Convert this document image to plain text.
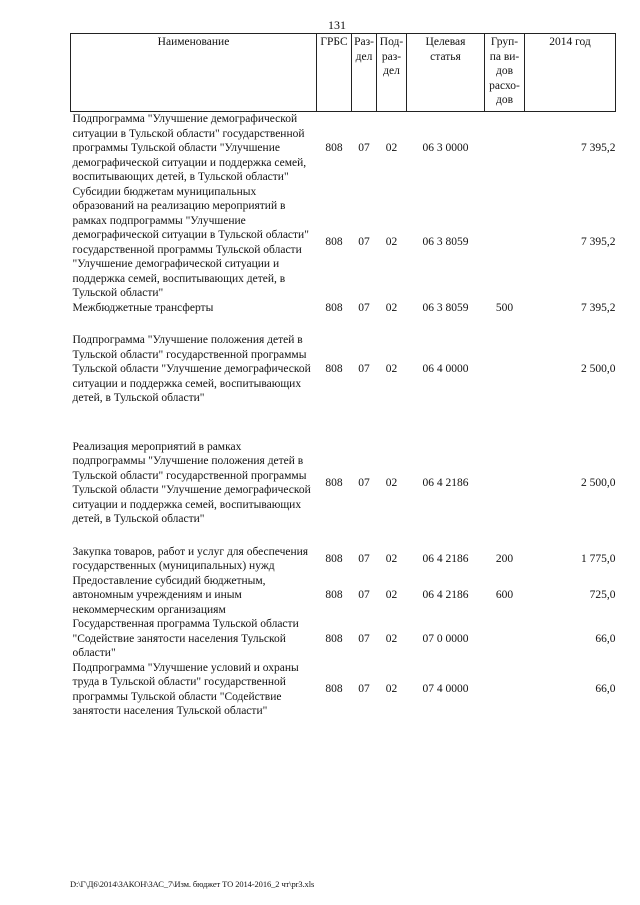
131
Наименование	ГРБС	Раз-дел	Под-раз-дел	Целевая статья	Груп-па ви-дов расхо-дов	2014 год
Подпрограмма "Улучшение демографической ситуации в Тульской области" государственной программы Тульской области "Улучшение демографической ситуации и поддержка семей, воспитывающих детей, в Тульской области"	808	07	02	06 3 0000		7 395,2
Субсидии бюджетам муниципальных образований на реализацию мероприятий в рамках подпрограммы "Улучшение демографической ситуации в Тульской области" государственной программы Тульской области "Улучшение демографической ситуации и поддержка семей, воспитывающих детей, в Тульской области"	808	07	02	06 3 8059		7 395,2
Межбюджетные трансферты	808	07	02	06 3 8059	500	7 395,2

Подпрограмма "Улучшение положения детей в Тульской области" государственной программы Тульской области "Улучшение демографической ситуации и поддержка семей, воспитывающих детей, в Тульской области"	808	07	02	06 4 0000		2 500,0

Реализация мероприятий в рамках подпрограммы "Улучшение положения детей в Тульской области" государственной программы Тульской области "Улучшение демографической ситуации и поддержка семей, воспитывающих детей, в Тульской области"	808	07	02	06 4 2186		2 500,0

Закупка товаров, работ и услуг для обеспечения государственных (муниципальных) нужд	808	07	02	06 4 2186	200	1 775,0
Предоставление субсидий бюджетным, автономным учреждениям и иным некоммерческим организациям	808	07	02	06 4 2186	600	725,0
Государственная программа Тульской области "Содействие занятости населения Тульской области"	808	07	02	07 0 0000		66,0
Подпрограмма "Улучшение условий и охраны труда в Тульской области" государственной программы Тульской области "Содействие занятости населения Тульской области"	808	07	02	07 4 0000		66,0
D:\Г\Д6\2014\ЗАКОН\ЗАС_7\Изм. бюджет ТО 2014-2016_2 чт\pr3.xls
